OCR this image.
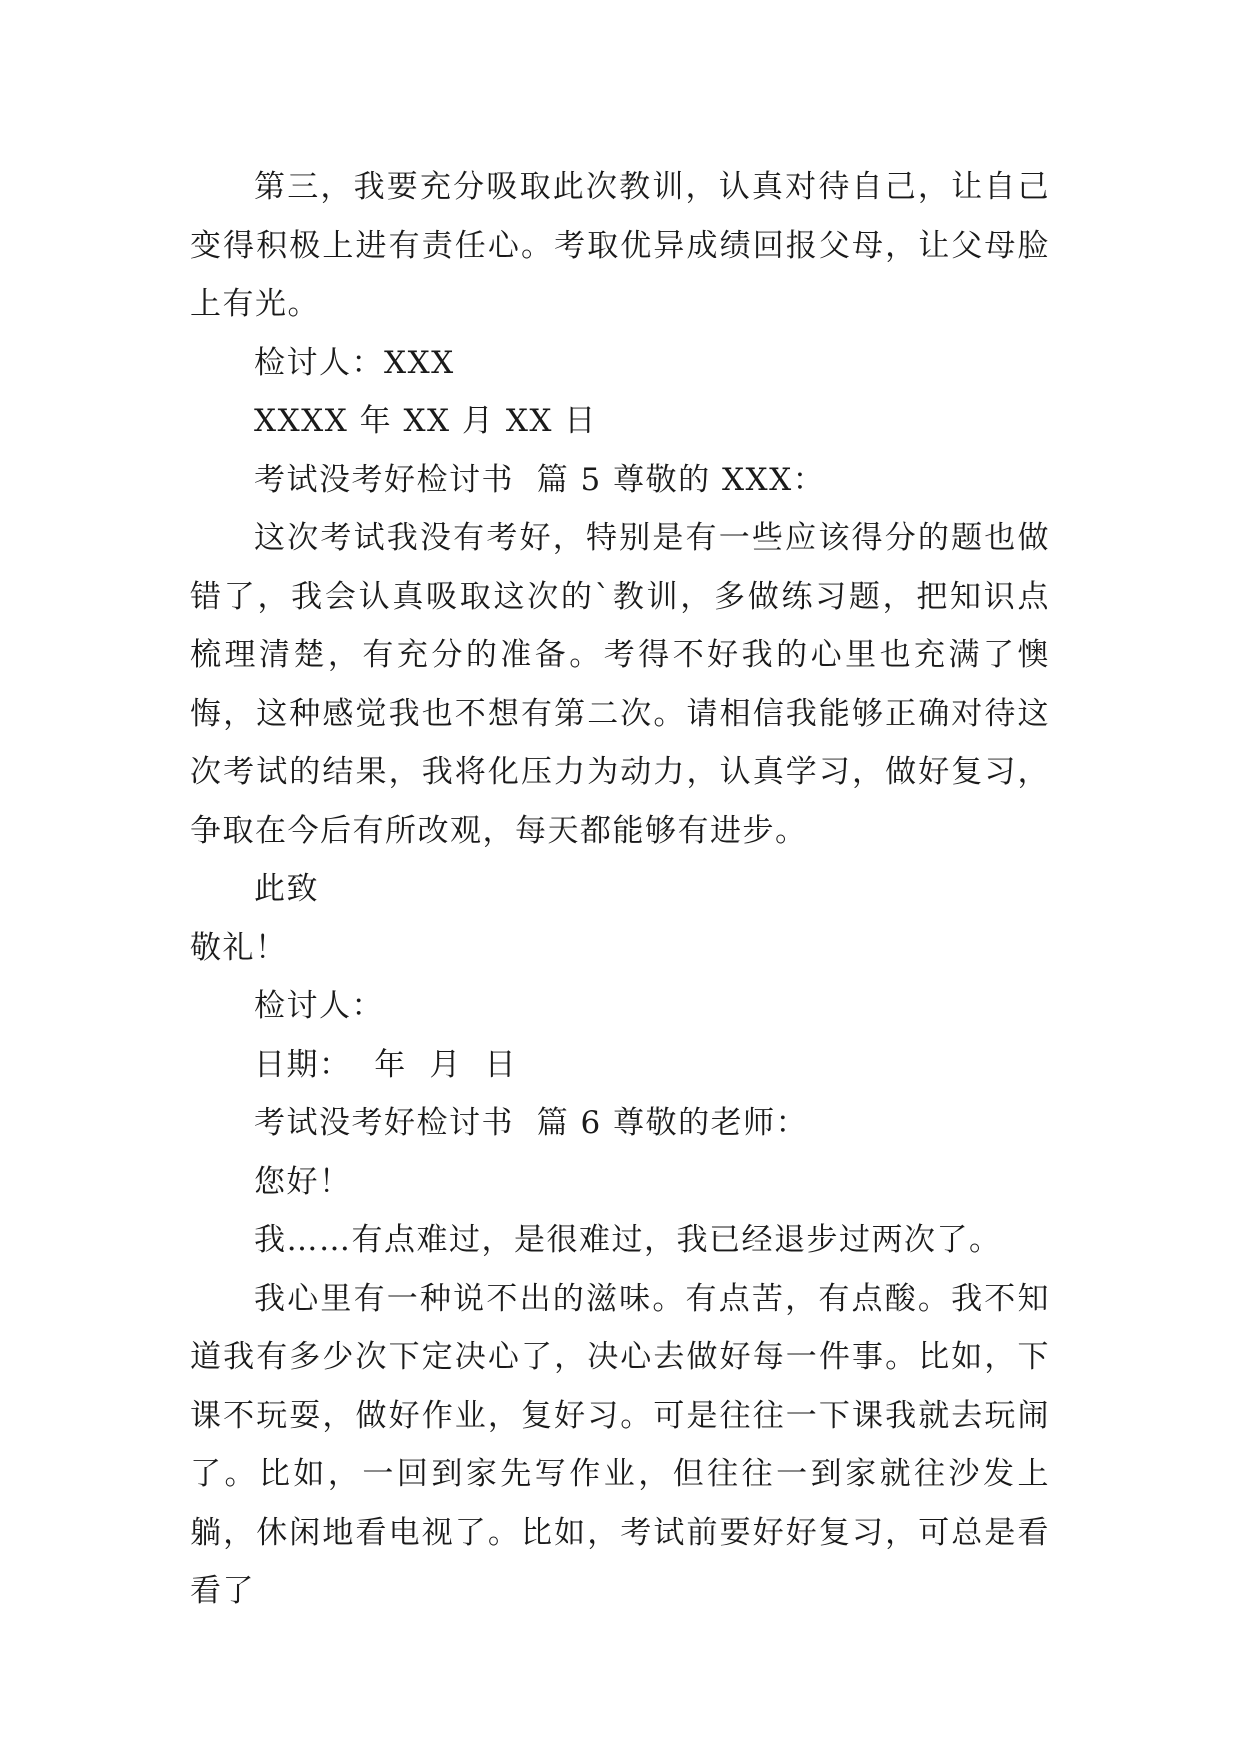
第三，我要充分吸取此次教训，认真对待自己，让自己变得积极上进有责任心。考取优异成绩回报父母，让父母脸上有光。

检讨人：XXX

XXXX 年 XX 月 XX 日

考试没考好检讨书  篇 5 尊敬的 XXX：

这次考试我没有考好，特别是有一些应该得分的题也做错了，我会认真吸取这次的`教训，多做练习题，把知识点梳理清楚，有充分的准备。考得不好我的心里也充满了懊悔，这种感觉我也不想有第二次。请相信我能够正确对待这次考试的结果，我将化压力为动力，认真学习，做好复习，争取在今后有所改观，每天都能够有进步。

此致

敬礼！

检讨人：

日期：  年  月  日

考试没考好检讨书  篇 6 尊敬的老师：

您好！

我……有点难过，是很难过，我已经退步过两次了。

我心里有一种说不出的滋味。有点苦，有点酸。我不知道我有多少次下定决心了，决心去做好每一件事。比如，下课不玩耍，做好作业，复好习。可是往往一下课我就去玩闹了。比如，一回到家先写作业，但往往一到家就往沙发上躺，休闲地看电视了。比如，考试前要好好复习，可总是看看了
